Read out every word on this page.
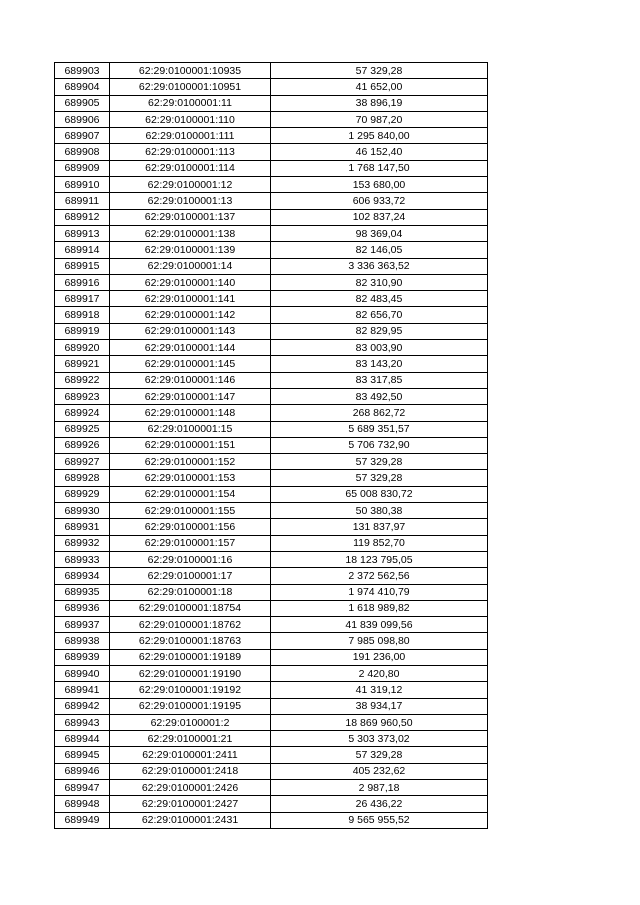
689903	62:29:0100001:10935	57 329,28
689904	62:29:0100001:10951	41 652,00
689905	62:29:0100001:11	38 896,19
689906	62:29:0100001:110	70 987,20
689907	62:29:0100001:111	1 295 840,00
689908	62:29:0100001:113	46 152,40
689909	62:29:0100001:114	1 768 147,50
689910	62:29:0100001:12	153 680,00
689911	62:29:0100001:13	606 933,72
689912	62:29:0100001:137	102 837,24
689913	62:29:0100001:138	98 369,04
689914	62:29:0100001:139	82 146,05
689915	62:29:0100001:14	3 336 363,52
689916	62:29:0100001:140	82 310,90
689917	62:29:0100001:141	82 483,45
689918	62:29:0100001:142	82 656,70
689919	62:29:0100001:143	82 829,95
689920	62:29:0100001:144	83 003,90
689921	62:29:0100001:145	83 143,20
689922	62:29:0100001:146	83 317,85
689923	62:29:0100001:147	83 492,50
689924	62:29:0100001:148	268 862,72
689925	62:29:0100001:15	5 689 351,57
689926	62:29:0100001:151	5 706 732,90
689927	62:29:0100001:152	57 329,28
689928	62:29:0100001:153	57 329,28
689929	62:29:0100001:154	65 008 830,72
689930	62:29:0100001:155	50 380,38
689931	62:29:0100001:156	131 837,97
689932	62:29:0100001:157	119 852,70
689933	62:29:0100001:16	18 123 795,05
689934	62:29:0100001:17	2 372 562,56
689935	62:29:0100001:18	1 974 410,79
689936	62:29:0100001:18754	1 618 989,82
689937	62:29:0100001:18762	41 839 099,56
689938	62:29:0100001:18763	7 985 098,80
689939	62:29:0100001:19189	191 236,00
689940	62:29:0100001:19190	2 420,80
689941	62:29:0100001:19192	41 319,12
689942	62:29:0100001:19195	38 934,17
689943	62:29:0100001:2	18 869 960,50
689944	62:29:0100001:21	5 303 373,02
689945	62:29:0100001:2411	57 329,28
689946	62:29:0100001:2418	405 232,62
689947	62:29:0100001:2426	2 987,18
689948	62:29:0100001:2427	26 436,22
689949	62:29:0100001:2431	9 565 955,52
